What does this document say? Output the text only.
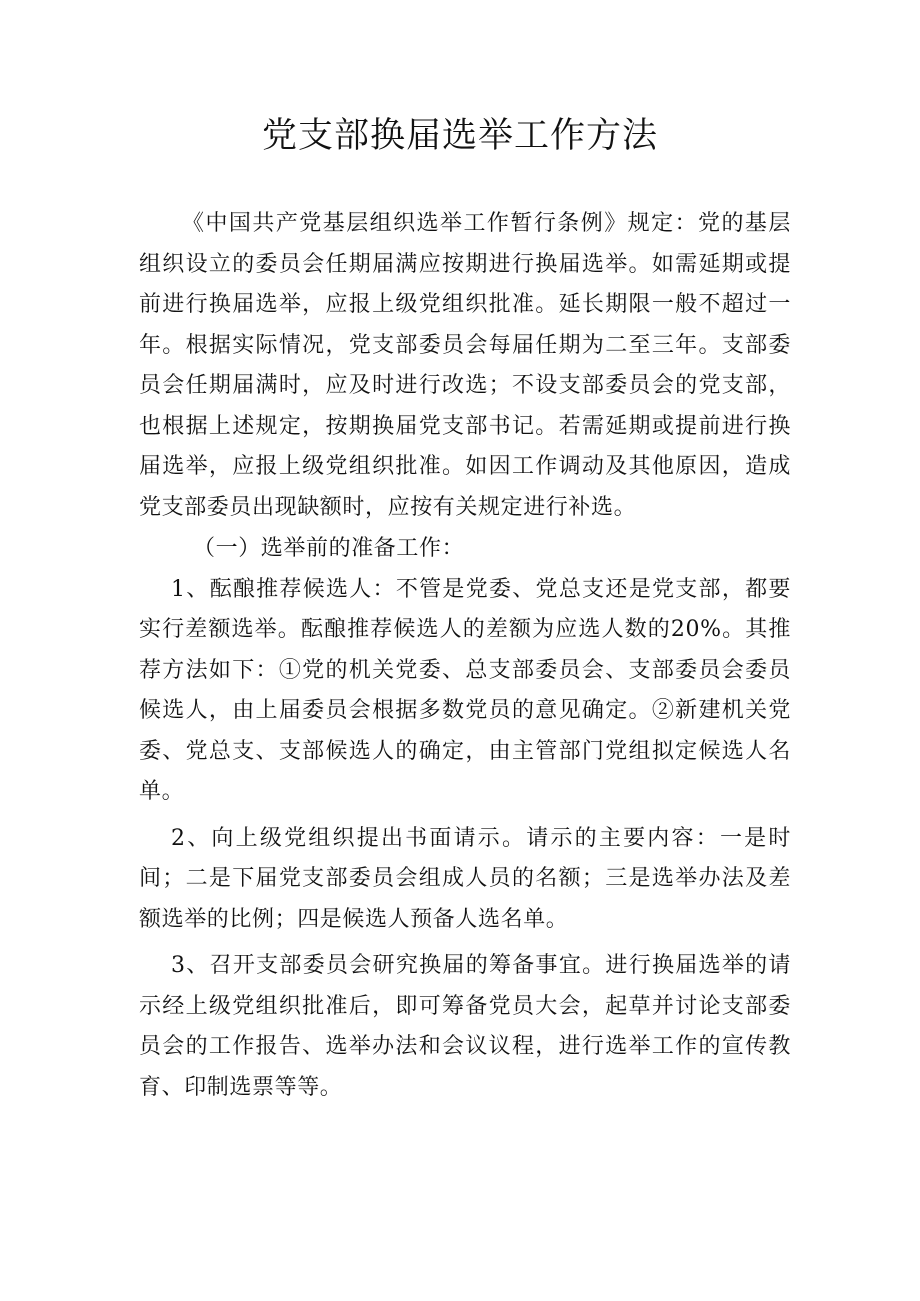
党支部换届选举工作方法

《中国共产党基层组织选举工作暂行条例》规定：党的基层组织设立的委员会任期届满应按期进行换届选举。如需延期或提前进行换届选举，应报上级党组织批准。延长期限一般不超过一年。根据实际情况，党支部委员会每届任期为二至三年。支部委员会任期届满时，应及时进行改选；不设支部委员会的党支部，也根据上述规定，按期换届党支部书记。若需延期或提前进行换届选举，应报上级党组织批准。如因工作调动及其他原因，造成党支部委员出现缺额时，应按有关规定进行补选。

（一）选举前的准备工作：

1、酝酿推荐候选人：不管是党委、党总支还是党支部，都要实行差额选举。酝酿推荐候选人的差额为应选人数的20%。其推荐方法如下：①党的机关党委、总支部委员会、支部委员会委员候选人，由上届委员会根据多数党员的意见确定。②新建机关党委、党总支、支部候选人的确定，由主管部门党组拟定候选人名单。

2、向上级党组织提出书面请示。请示的主要内容：一是时间；二是下届党支部委员会组成人员的名额；三是选举办法及差额选举的比例；四是候选人预备人选名单。

3、召开支部委员会研究换届的筹备事宜。进行换届选举的请示经上级党组织批准后，即可筹备党员大会，起草并讨论支部委员会的工作报告、选举办法和会议议程，进行选举工作的宣传教育、印制选票等等。
